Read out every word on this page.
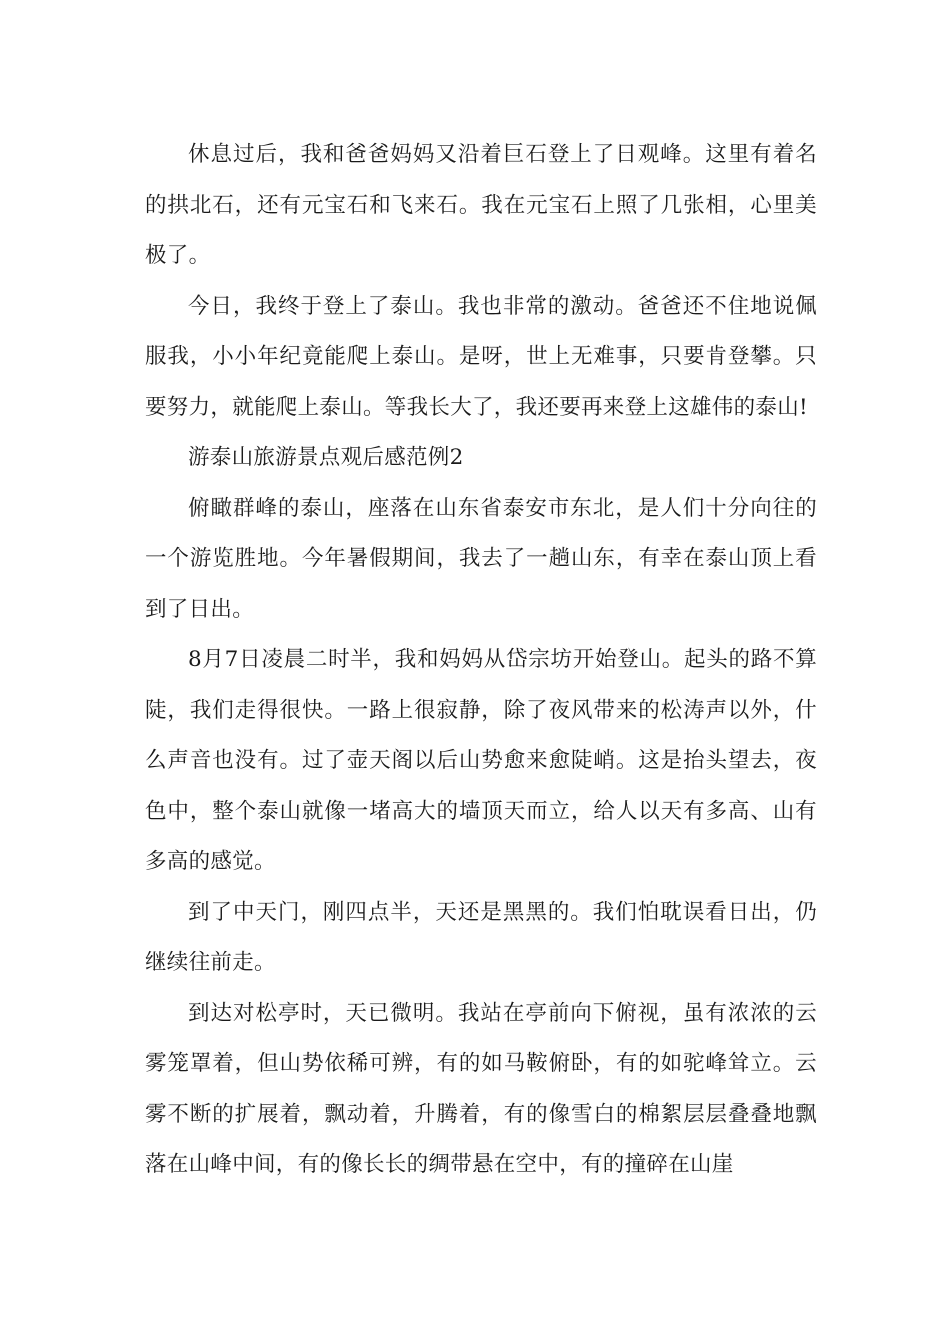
休息过后，我和爸爸妈妈又沿着巨石登上了日观峰。这里有着名的拱北石，还有元宝石和飞来石。我在元宝石上照了几张相，心里美极了。

今日，我终于登上了泰山。我也非常的激动。爸爸还不住地说佩服我，小小年纪竟能爬上泰山。是呀，世上无难事，只要肯登攀。只要努力，就能爬上泰山。等我长大了，我还要再来登上这雄伟的泰山!

游泰山旅游景点观后感范例2

俯瞰群峰的泰山，座落在山东省泰安市东北，是人们十分向往的一个游览胜地。今年暑假期间，我去了一趟山东，有幸在泰山顶上看到了日出。

8月7日凌晨二时半，我和妈妈从岱宗坊开始登山。起头的路不算陡，我们走得很快。一路上很寂静，除了夜风带来的松涛声以外，什么声音也没有。过了壶天阁以后山势愈来愈陡峭。这是抬头望去，夜色中，整个泰山就像一堵高大的墙顶天而立，给人以天有多高、山有多高的感觉。

到了中天门，刚四点半，天还是黑黑的。我们怕耽误看日出，仍继续往前走。

到达对松亭时，天已微明。我站在亭前向下俯视，虽有浓浓的云雾笼罩着，但山势依稀可辨，有的如马鞍俯卧，有的如驼峰耸立。云雾不断的扩展着，飘动着，升腾着，有的像雪白的棉絮层层叠叠地飘落在山峰中间，有的像长长的绸带悬在空中，有的撞碎在山崖
